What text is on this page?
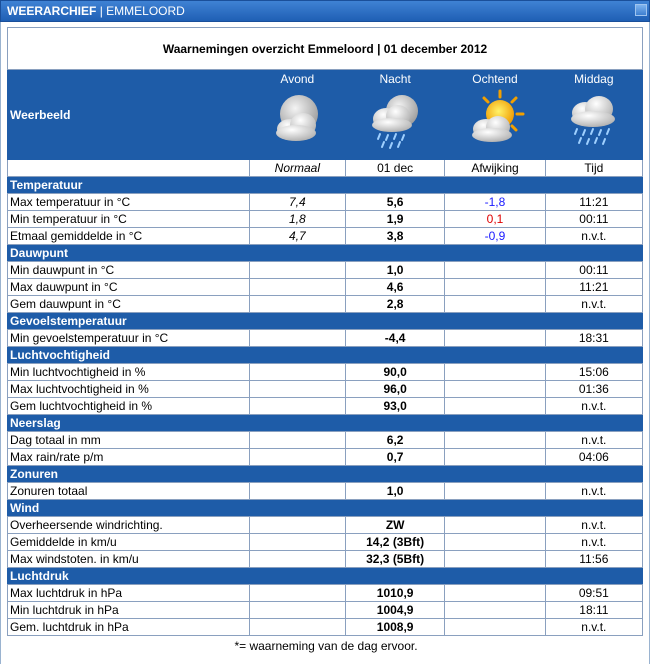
WEERARCHIEF | EMMELOORD
Waarnemingen overzicht Emmeloord | 01 december 2012				
Weerbeeld	Avond	Nacht	Ochtend	Middag

	Normaal	01 dec	Afwijking	Tijd
Temperatuur				
Max temperatuur in °C	7,4	5,6	-1,8	11:21
Min temperatuur in °C	1,8	1,9	0,1	00:11
Etmaal gemiddelde in °C	4,7	3,8	-0,9	n.v.t.
Dauwpunt				
Min dauwpunt in °C		1,0		00:11
Max dauwpunt in °C		4,6		11:21
Gem dauwpunt in °C		2,8		n.v.t.
Gevoelstemperatuur				
Min gevoelstemperatuur in °C		-4,4		18:31
Luchtvochtigheid				
Min luchtvochtigheid in %		90,0		15:06
Max luchtvochtigheid in %		96,0		01:36
Gem luchtvochtigheid in %		93,0		n.v.t.
Neerslag				
Dag totaal in mm		6,2		n.v.t.
Max rain/rate p/m		0,7		04:06
Zonuren				
Zonuren totaal		1,0		n.v.t.
Wind				
Overheersende windrichting.		ZW		n.v.t.
Gemiddelde in km/u		14,2 (3Bft)		n.v.t.
Max windstoten. in km/u		32,3 (5Bft)		11:56
Luchtdruk				
Max luchtdruk in hPa		1010,9		09:51
Min luchtdruk in hPa		1004,9		18:11
Gem. luchtdruk in hPa		1008,9		n.v.t.
*= waarneming van de dag ervoor.
